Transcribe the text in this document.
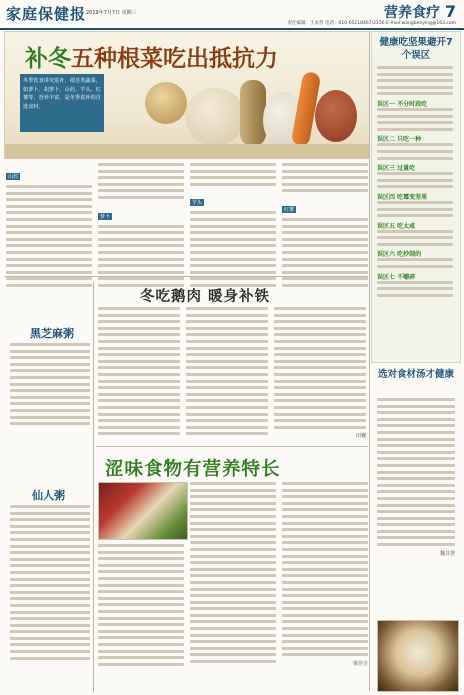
家庭保健报 2019年7月7日 星期三	营养食疗 7
责任编辑：王本营 电话：010-65118467/2156 E-mail:wangbenying@163.com
补冬五种根菜吃出抵抗力
冬季饮食讲究进补，根茎类蔬菜，如萝卜、胡萝卜、山药、芋头、红薯等，营养丰富，是冬季进补的首选食材。
山药
萝卜
芋头
红薯
健康吃坚果避开7个误区
误区一 不分时段吃
误区二 只吃一种
误区三 过量吃
误区四 吃霉变坚果
误区五 吃太咸
误区六 吃炒制的
误区七 不嚼碎
黑芝麻粥
仙人粥
冬吃鹅肉 暖身补铁
田巍
选对食材汤才健康
魏芬慧
涩味食物有营养特长
梁佳吉
